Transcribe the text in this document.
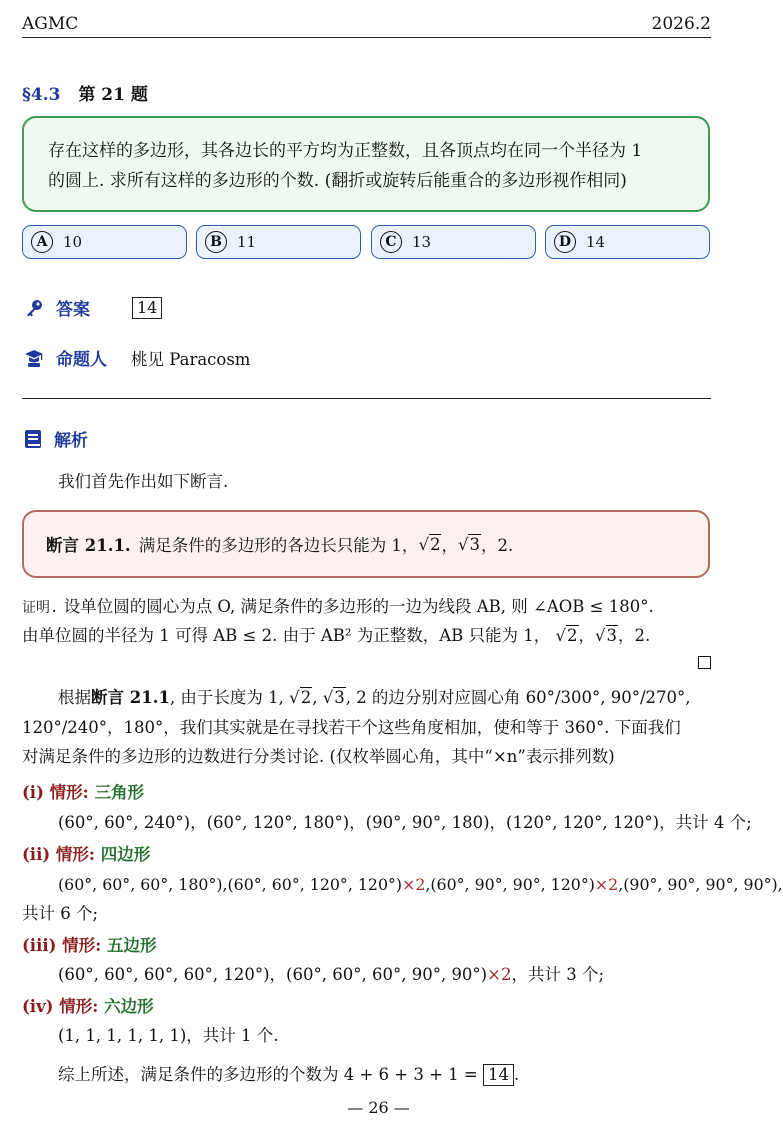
AGMC	2026.2
§4.3 第 21 题
存在这样的多边形，其各边长的平方均为正整数，且各顶点均在同一个半径为 1
的圆上. 求所有这样的多边形的个数. (翻折或旋转后能重合的多边形视作相同)
A	10	B	11	C	13	D 14
答案	14
命题人 桃见 Paracosm
解析
我们首先作出如下断言.
断言 21.1. 满足条件的多边形的各边长只能为 1， √2 ， √3 ，2.
证明. 设单位圆的圆心为点 O, 满足条件的多边形的一边为线段 AB, 则 ∠AOB ≤ 180°.
由单位圆的半径为 1 可得 AB ≤ 2. 由于 AB² 为正整数，AB 只能为 1， √2，√3，2.
根据断言 21.1, 由于长度为 1, √2, √3, 2 的边分别对应圆心角 60°/300°, 90°/270°,
120°/240°，180°，我们其实就是在寻找若干个这些角度相加，使和等于 360°. 下面我们
对满足条件的多边形的边数进行分类讨论. (仅枚举圆心角，其中“×n”表示排列数)
(i) 情形: 三角形
(60°, 60°, 240°)，(60°, 120°, 180°)，(90°, 90°, 180)，(120°, 120°, 120°)，共计 4 个;
(ii) 情形: 四边形
(60°, 60°, 60°, 180°),(60°, 60°, 120°, 120°)×2,(60°, 90°, 90°, 120°)×2,(90°, 90°, 90°, 90°),
共计 6 个;
(iii) 情形: 五边形
(60°, 60°, 60°, 60°, 120°)，(60°, 60°, 60°, 90°, 90°)×2，共计 3 个;
(iv) 情形: 六边形
(1, 1, 1, 1, 1, 1)，共计 1 个.
综上所述，满足条件的多边形的个数为 4 + 6 + 3 + 1 = 14 .
— 26 —
